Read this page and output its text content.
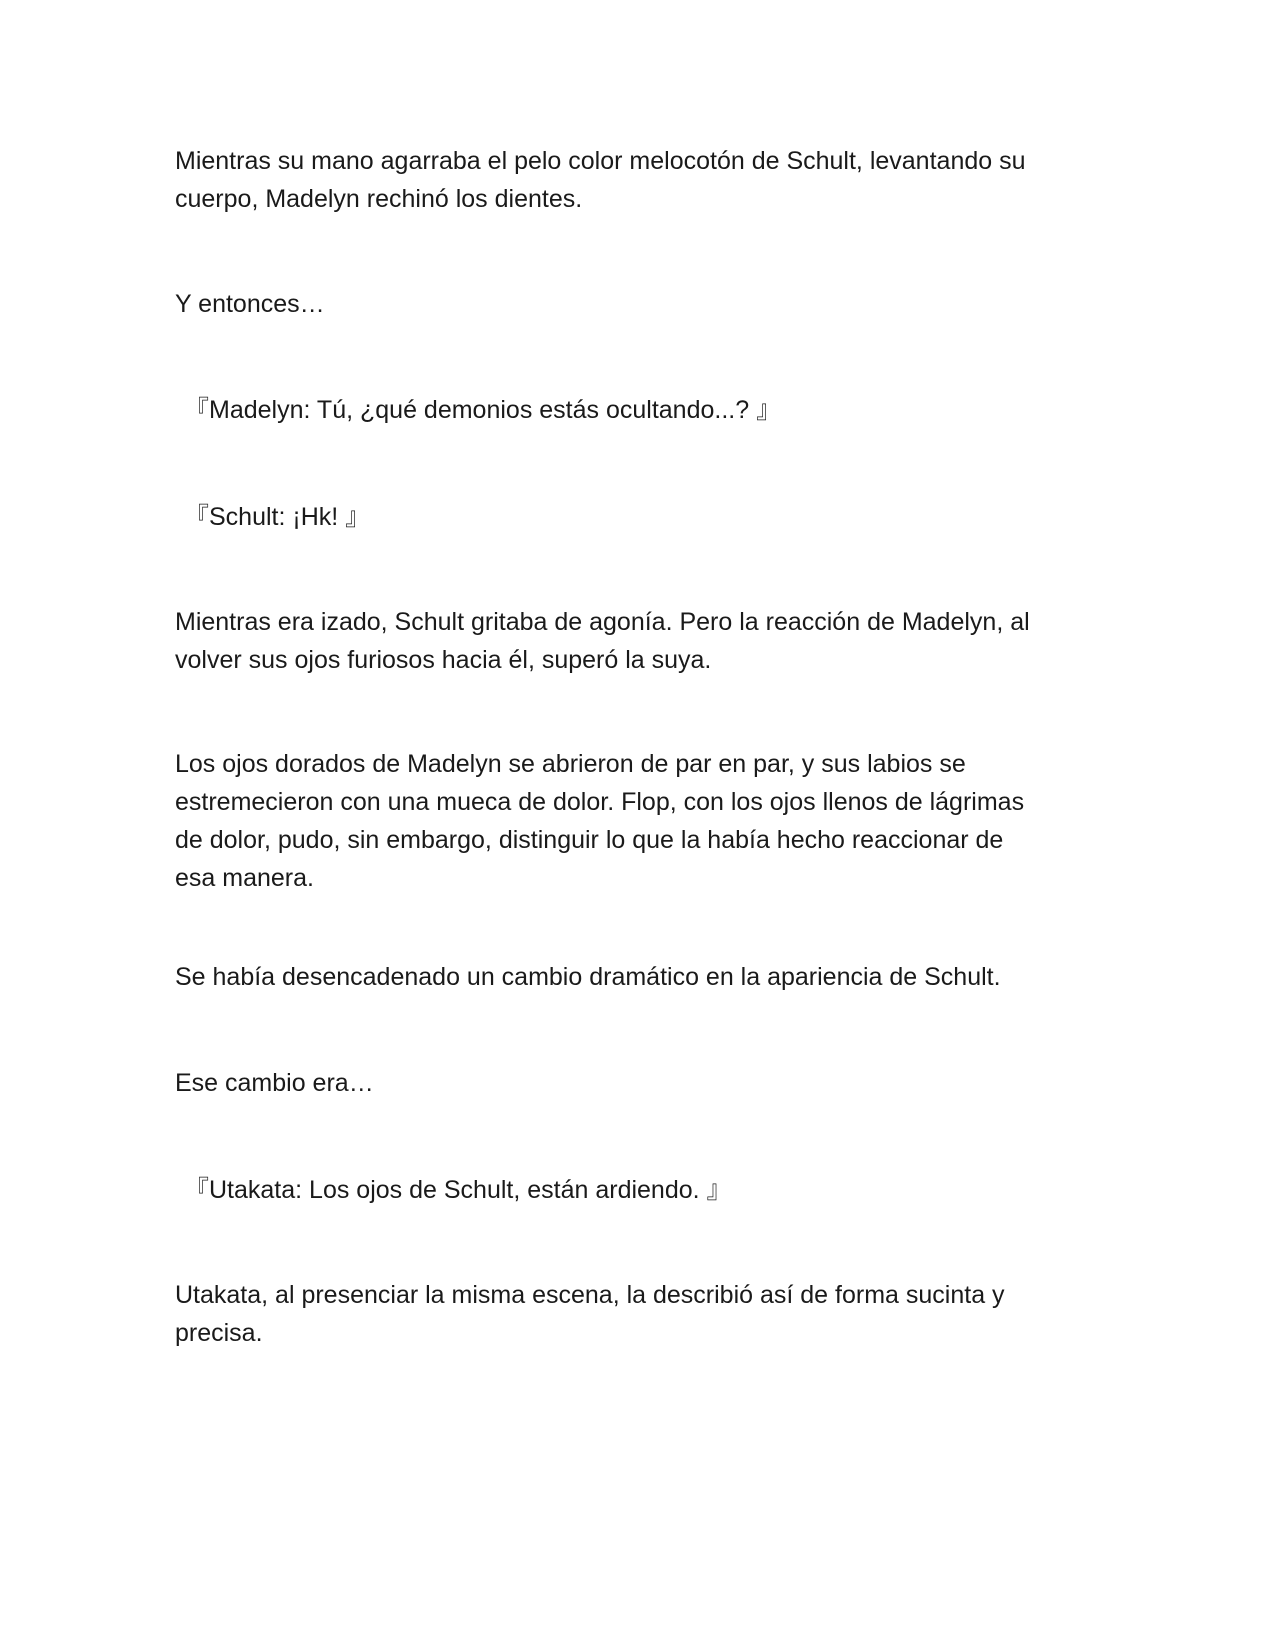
Mientras su mano agarraba el pelo color melocotón de Schult, levantando su
cuerpo, Madelyn rechinó los dientes.

Y entonces…

『Madelyn: Tú, ¿qué demonios estás ocultando...? 』

『Schult: ¡Hk! 』

Mientras era izado, Schult gritaba de agonía. Pero la reacción de Madelyn, al
volver sus ojos furiosos hacia él, superó la suya.

Los ojos dorados de Madelyn se abrieron de par en par, y sus labios se
estremecieron con una mueca de dolor. Flop, con los ojos llenos de lágrimas
de dolor, pudo, sin embargo, distinguir lo que la había hecho reaccionar de
esa manera.

Se había desencadenado un cambio dramático en la apariencia de Schult.

Ese cambio era…

『Utakata: Los ojos de Schult, están ardiendo. 』

Utakata, al presenciar la misma escena, la describió así de forma sucinta y
precisa.
